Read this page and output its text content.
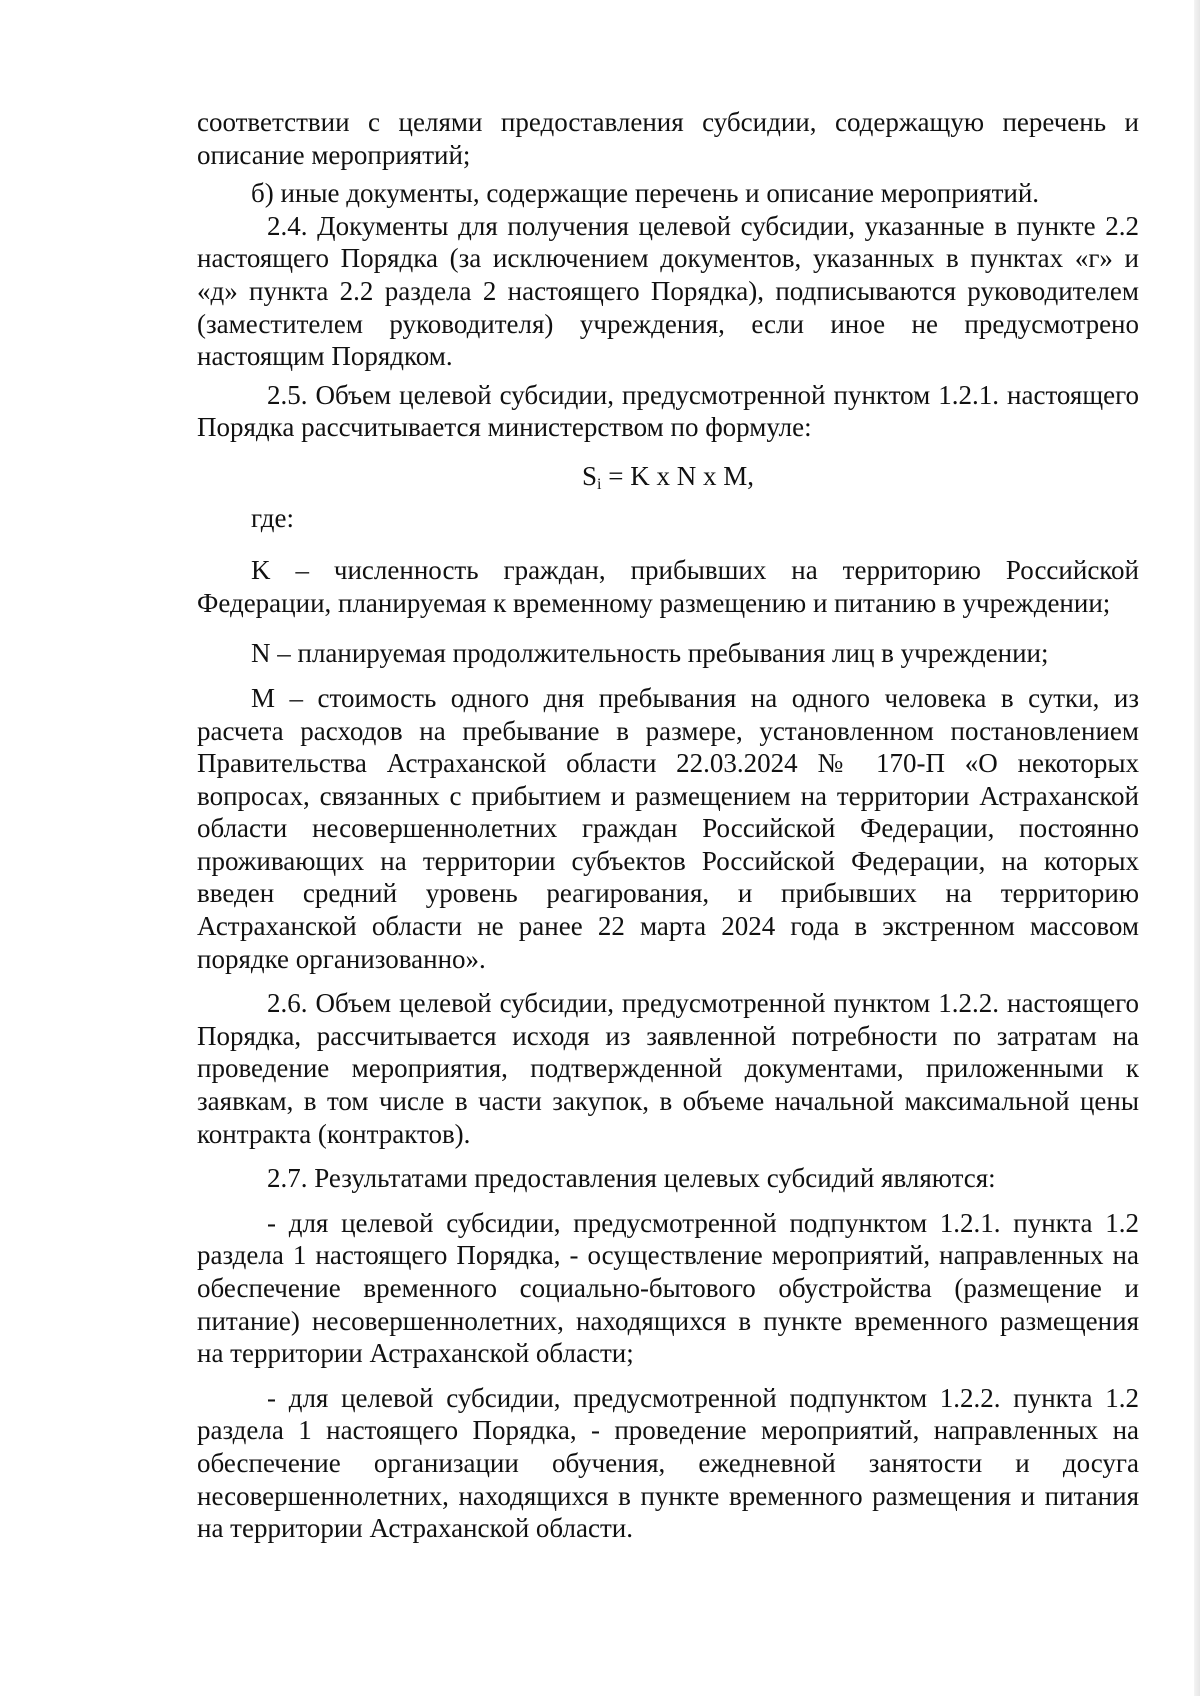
соответствии с целями предоставления субсидии, содержащую перечень и описание мероприятий;

б) иные документы, содержащие перечень и описание мероприятий.

2.4. Документы для получения целевой субсидии, указанные в пункте 2.2 настоящего Порядка (за исключением документов, указанных в пунктах «г» и «д» пункта 2.2 раздела 2 настоящего Порядка), подписываются руководителем (заместителем руководителя) учреждения, если иное не предусмотрено настоящим Порядком.

2.5. Объем целевой субсидии, предусмотренной пунктом 1.2.1. настоящего Порядка рассчитывается министерством по формуле:

$S_i = K$ x N x M,

где:

K – численность граждан, прибывших на территорию Российской Федерации, планируемая к временному размещению и питанию в учреждении;

N – планируемая продолжительность пребывания лиц в учреждении;

M – стоимость одного дня пребывания на одного человека в сутки, из расчета расходов на пребывание в размере, установленном постановлением Правительства Астраханской области 22.03.2024 № 170-П «О некоторых вопросах, связанных с прибытием и размещением на территории Астраханской области несовершеннолетних граждан Российской Федерации, постоянно проживающих на территории субъектов Российской Федерации, на которых введен средний уровень реагирования, и прибывших на территорию Астраханской области не ранее 22 марта 2024 года в экстренном массовом порядке организованно».

2.6. Объем целевой субсидии, предусмотренной пунктом 1.2.2. настоящего Порядка, рассчитывается исходя из заявленной потребности по затратам на проведение мероприятия, подтвержденной документами, приложенными к заявкам, в том числе в части закупок, в объеме начальной максимальной цены контракта (контрактов).

2.7. Результатами предоставления целевых субсидий являются:

- для целевой субсидии, предусмотренной подпунктом 1.2.1. пункта 1.2 раздела 1 настоящего Порядка, - осуществление мероприятий, направленных на обеспечение временного социально-бытового обустройства (размещение и питание) несовершеннолетних, находящихся в пункте временного размещения на территории Астраханской области;

- для целевой субсидии, предусмотренной подпунктом 1.2.2. пункта 1.2 раздела 1 настоящего Порядка, - проведение мероприятий, направленных на обеспечение организации обучения, ежедневной занятости и досуга несовершеннолетних, находящихся в пункте временного размещения и питания на территории Астраханской области.
